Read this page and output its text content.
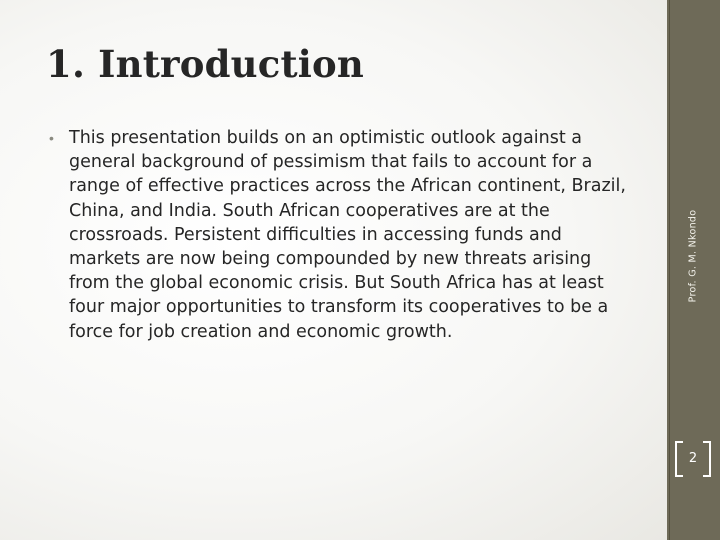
1. Introduction
• This presentation builds on an optimistic outlook against a general background of pessimism that fails to account for a range of effective practices across the African continent, Brazil, China, and India. South African cooperatives are at the crossroads. Persistent difficulties in accessing funds and markets are now being compounded by new threats arising from the global economic crisis. But South Africa has at least four major opportunities to transform its cooperatives to be a force for job creation and economic growth.

Prof. G. M. Nkondo
2
